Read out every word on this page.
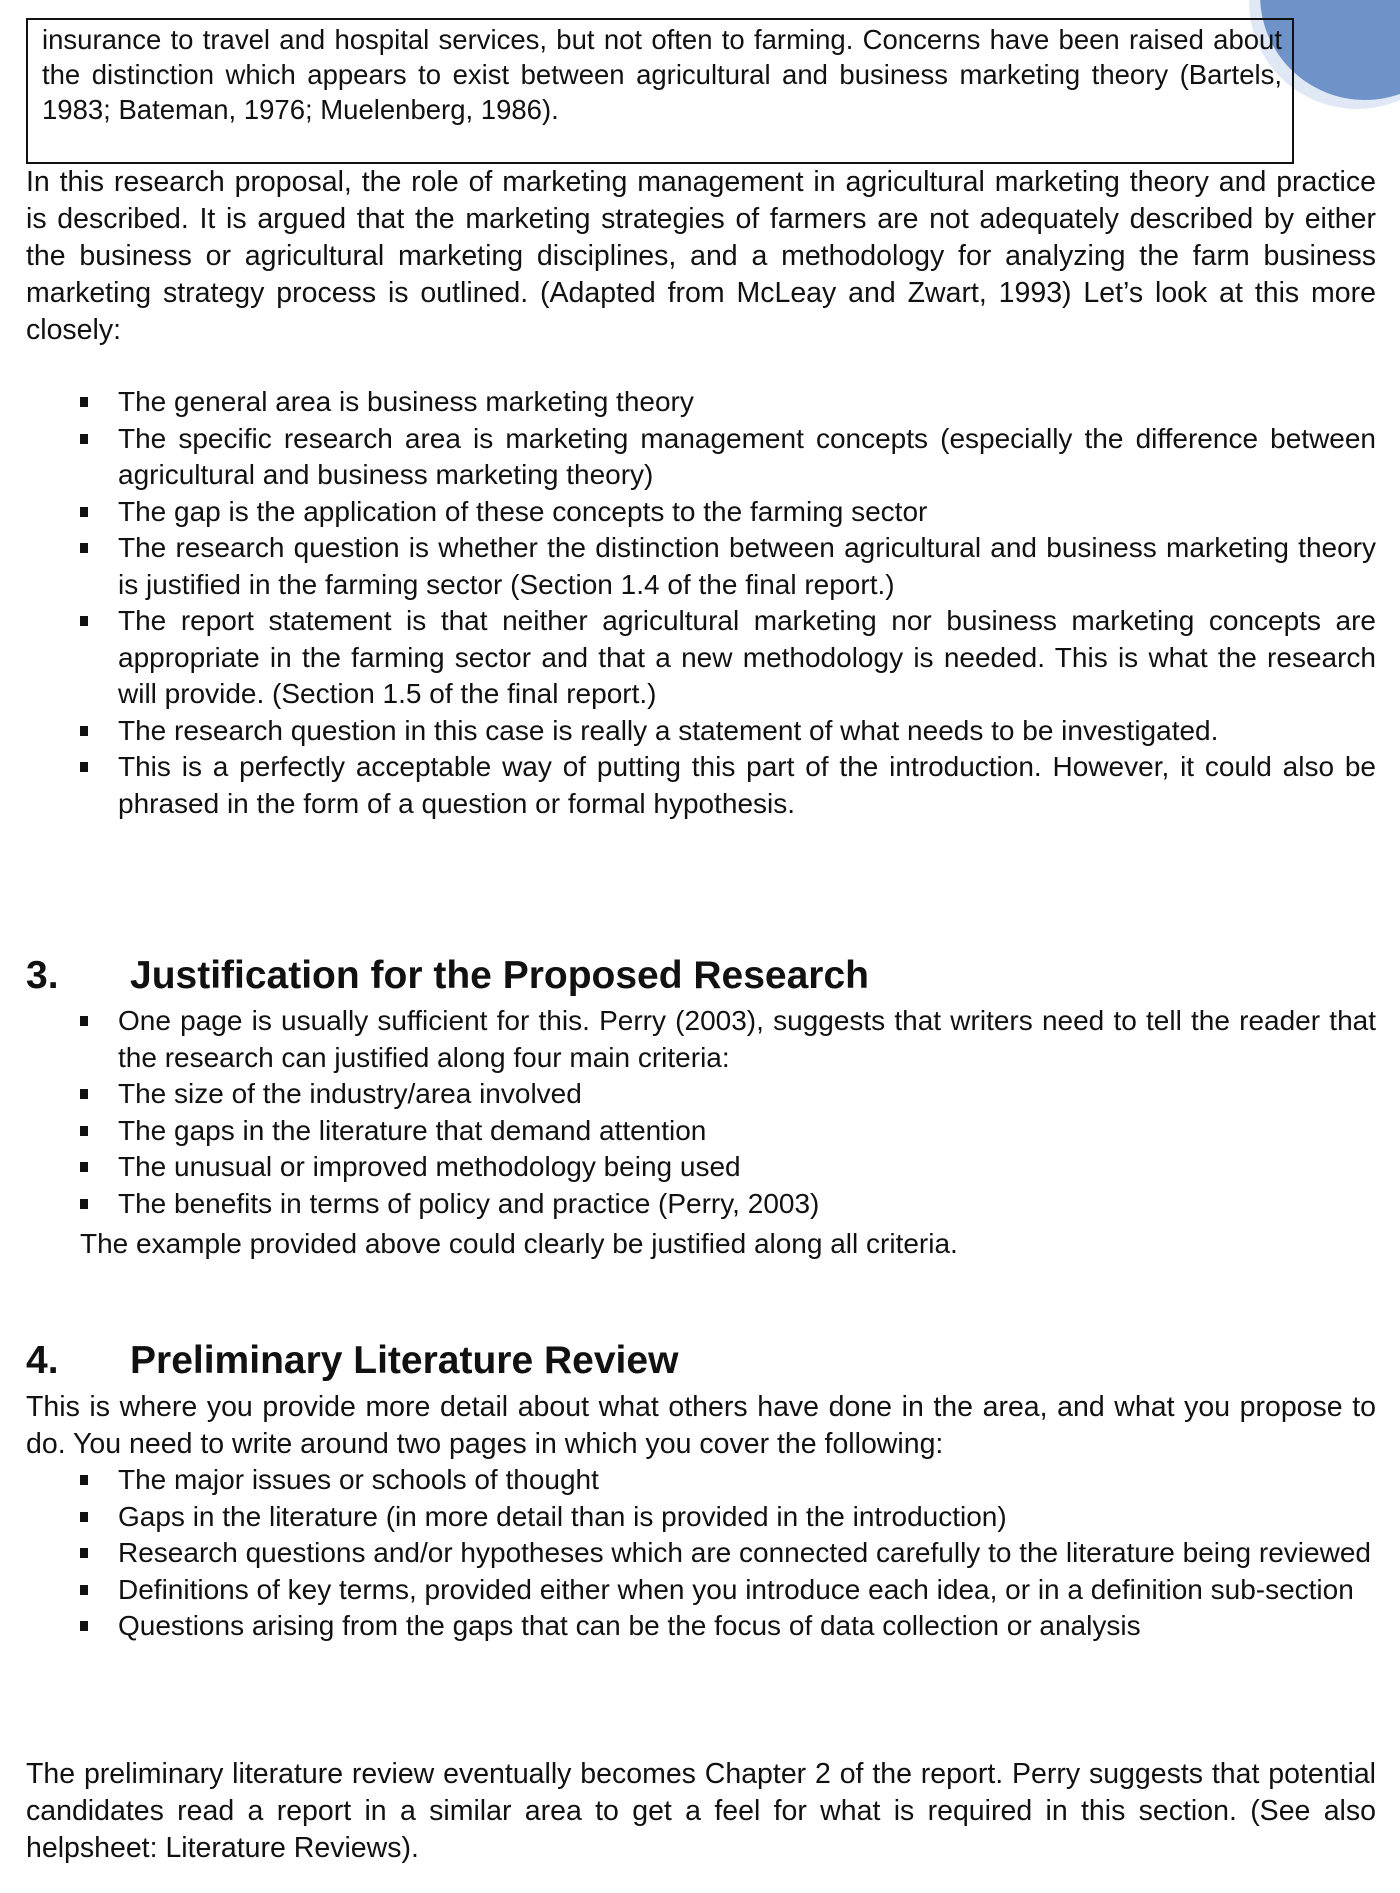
insurance to travel and hospital services, but not often to farming. Concerns have been raised about the distinction which appears to exist between agricultural and business marketing theory (Bartels, 1983; Bateman, 1976; Muelenberg, 1986).
In this research proposal, the role of marketing management in agricultural marketing theory and practice is described. It is argued that the marketing strategies of farmers are not adequately described by either the business or agricultural marketing disciplines, and a methodology for analyzing the farm business marketing strategy process is outlined. (Adapted from McLeay and Zwart, 1993) Let’s look at this more closely:
The general area is business marketing theory
The specific research area is marketing management concepts (especially the difference between agricultural and business marketing theory)
The gap is the application of these concepts to the farming sector
The research question is whether the distinction between agricultural and business marketing theory is justified in the farming sector (Section 1.4 of the final report.)
The report statement is that neither agricultural marketing nor business marketing concepts are appropriate in the farming sector and that a new methodology is needed. This is what the research will provide. (Section 1.5 of the final report.)
The research question in this case is really a statement of what needs to be investigated.
This is a perfectly acceptable way of putting this part of the introduction. However, it could also be phrased in the form of a question or formal hypothesis.
3. Justification for the Proposed Research
One page is usually sufficient for this. Perry (2003), suggests that writers need to tell the reader that the research can justified along four main criteria:
The size of the industry/area involved
The gaps in the literature that demand attention
The unusual or improved methodology being used
The benefits in terms of policy and practice (Perry, 2003)
The example provided above could clearly be justified along all criteria.
4. Preliminary Literature Review
This is where you provide more detail about what others have done in the area, and what you propose to do. You need to write around two pages in which you cover the following:
The major issues or schools of thought
Gaps in the literature (in more detail than is provided in the introduction)
Research questions and/or hypotheses which are connected carefully to the literature being reviewed
Definitions of key terms, provided either when you introduce each idea, or in a definition sub-section
Questions arising from the gaps that can be the focus of data collection or analysis
The preliminary literature review eventually becomes Chapter 2 of the report. Perry suggests that potential candidates read a report in a similar area to get a feel for what is required in this section. (See also helpsheet: Literature Reviews).
